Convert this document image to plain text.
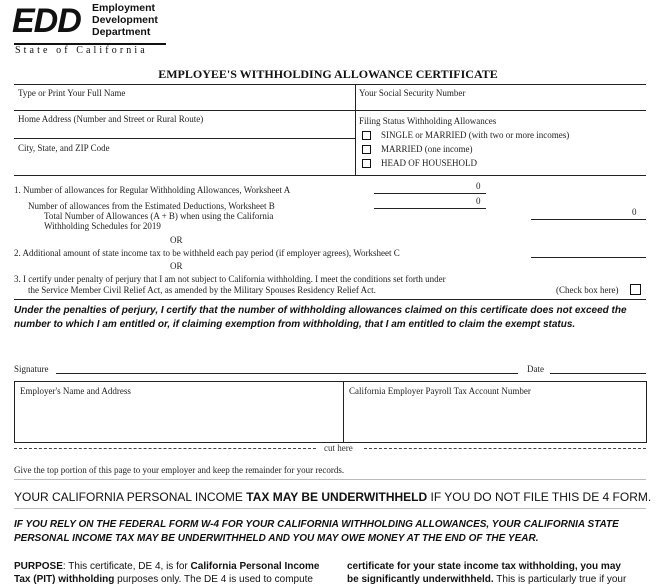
EDD Employment
Development
Department
State of California
EMPLOYEE'S WITHHOLDING ALLOWANCE CERTIFICATE
Type or Print Your Full Name	Your Social Security Number
Home Address (Number and Street or Rural Route)
City, State, and ZIP Code
Filing Status Withholding Allowances
SINGLE or MARRIED (with two or more incomes)
MARRIED (one income)
HEAD OF HOUSEHOLD
1. Number of allowances for Regular Withholding Allowances, Worksheet A	0
Number of allowances from the Estimated Deductions, Worksheet B	0
Total Number of Allowances (A + B) when using the California
Withholding Schedules for 2019
0
OR
2. Additional amount of state income tax to be withheld each pay period (if employer agrees), Worksheet C
OR
3. I certify under penalty of perjury that I am not subject to California withholding. I meet the conditions set forth under
the Service Member Civil Relief Act, as amended by the Military Spouses Residency Relief Act.	(Check box here)
Under the penalties of perjury, I certify that the number of withholding allowances claimed on this certificate does not exceed the number to which I am entitled or, if claiming exemption from withholding, that I am entitled to claim the exempt status.
Signature	Date
Employer's Name and Address	California Employer Payroll Tax Account Number
cut here
Give the top portion of this page to your employer and keep the remainder for your records.
YOUR CALIFORNIA PERSONAL INCOME TAX MAY BE UNDERWITHHELD IF YOU DO NOT FILE THIS DE 4 FORM.
IF YOU RELY ON THE FEDERAL FORM W-4 FOR YOUR CALIFORNIA WITHHOLDING ALLOWANCES, YOUR CALIFORNIA STATE PERSONAL INCOME TAX MAY BE UNDERWITHHELD AND YOU MAY OWE MONEY AT THE END OF THE YEAR.
PURPOSE: This certificate, DE 4, is for California Personal Income
Tax (PIT) withholding purposes only. The DE 4 is used to compute
certificate for your state income tax withholding, you may
be significantly underwithheld. This is particularly true if your
